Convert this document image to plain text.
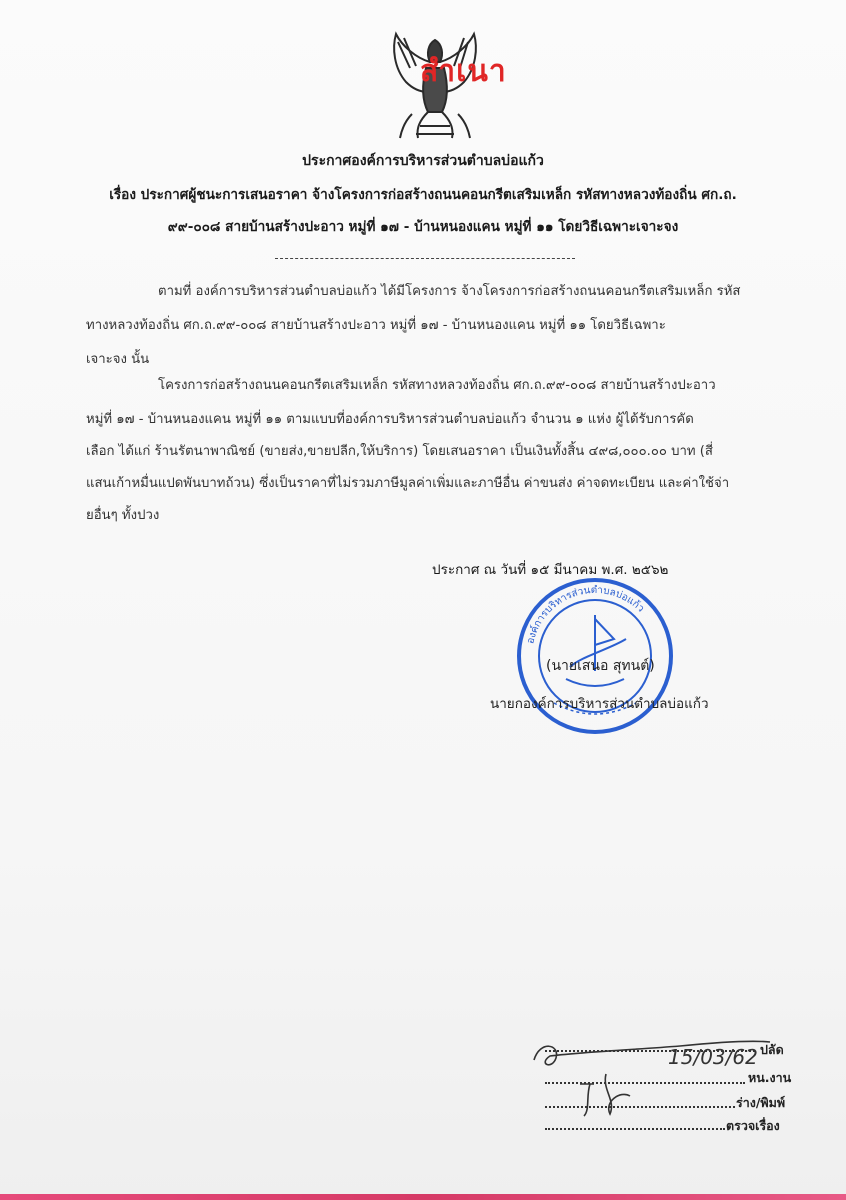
สำเนา
ประกาศองค์การบริหารส่วนตำบลบ่อแก้ว
เรื่อง ประกาศผู้ชนะการเสนอราคา จ้างโครงการก่อสร้างถนนคอนกรีตเสริมเหล็ก รหัสทางหลวงท้องถิ่น ศก.ถ.
๙๙-๐๐๘ สายบ้านสร้างปะอาว หมู่ที่ ๑๗ - บ้านหนองแคน หมู่ที่ ๑๑ โดยวิธีเฉพาะเจาะจง
ตามที่ องค์การบริหารส่วนตำบลบ่อแก้ว ได้มีโครงการ จ้างโครงการก่อสร้างถนนคอนกรีตเสริมเหล็ก รหัส
ทางหลวงท้องถิ่น ศก.ถ.๙๙-๐๐๘ สายบ้านสร้างปะอาว หมู่ที่ ๑๗ - บ้านหนองแคน หมู่ที่ ๑๑ โดยวิธีเฉพาะ
เจาะจง นั้น
โครงการก่อสร้างถนนคอนกรีตเสริมเหล็ก รหัสทางหลวงท้องถิ่น ศก.ถ.๙๙-๐๐๘ สายบ้านสร้างปะอาว
หมู่ที่ ๑๗ - บ้านหนองแคน หมู่ที่ ๑๑ ตามแบบที่องค์การบริหารส่วนตำบลบ่อแก้ว จำนวน ๑ แห่ง ผู้ได้รับการคัด
เลือก ได้แก่ ร้านรัตนาพาณิชย์ (ขายส่ง,ขายปลีก,ให้บริการ) โดยเสนอราคา เป็นเงินทั้งสิ้น ๔๙๘,๐๐๐.๐๐ บาท (สี่
แสนเก้าหมื่นแปดพันบาทถ้วน) ซึ่งเป็นราคาที่ไม่รวมภาษีมูลค่าเพิ่มและภาษีอื่น ค่าขนส่ง ค่าจดทะเบียน และค่าใช้จ่า
ยอื่นๆ ทั้งปวง
ประกาศ ณ วันที่ ๑๕ มีนาคม พ.ศ. ๒๕๖๒
องค์การบริหารส่วนตำบลบ่อแก้ว
(นายเสนอ สุทนต์)
นายกองค์การบริหารส่วนตำบลบ่อแก้ว
15/03/62 ปลัด
หน.งาน
ร่าง/พิมพ์
ตรวจเรื่อง
